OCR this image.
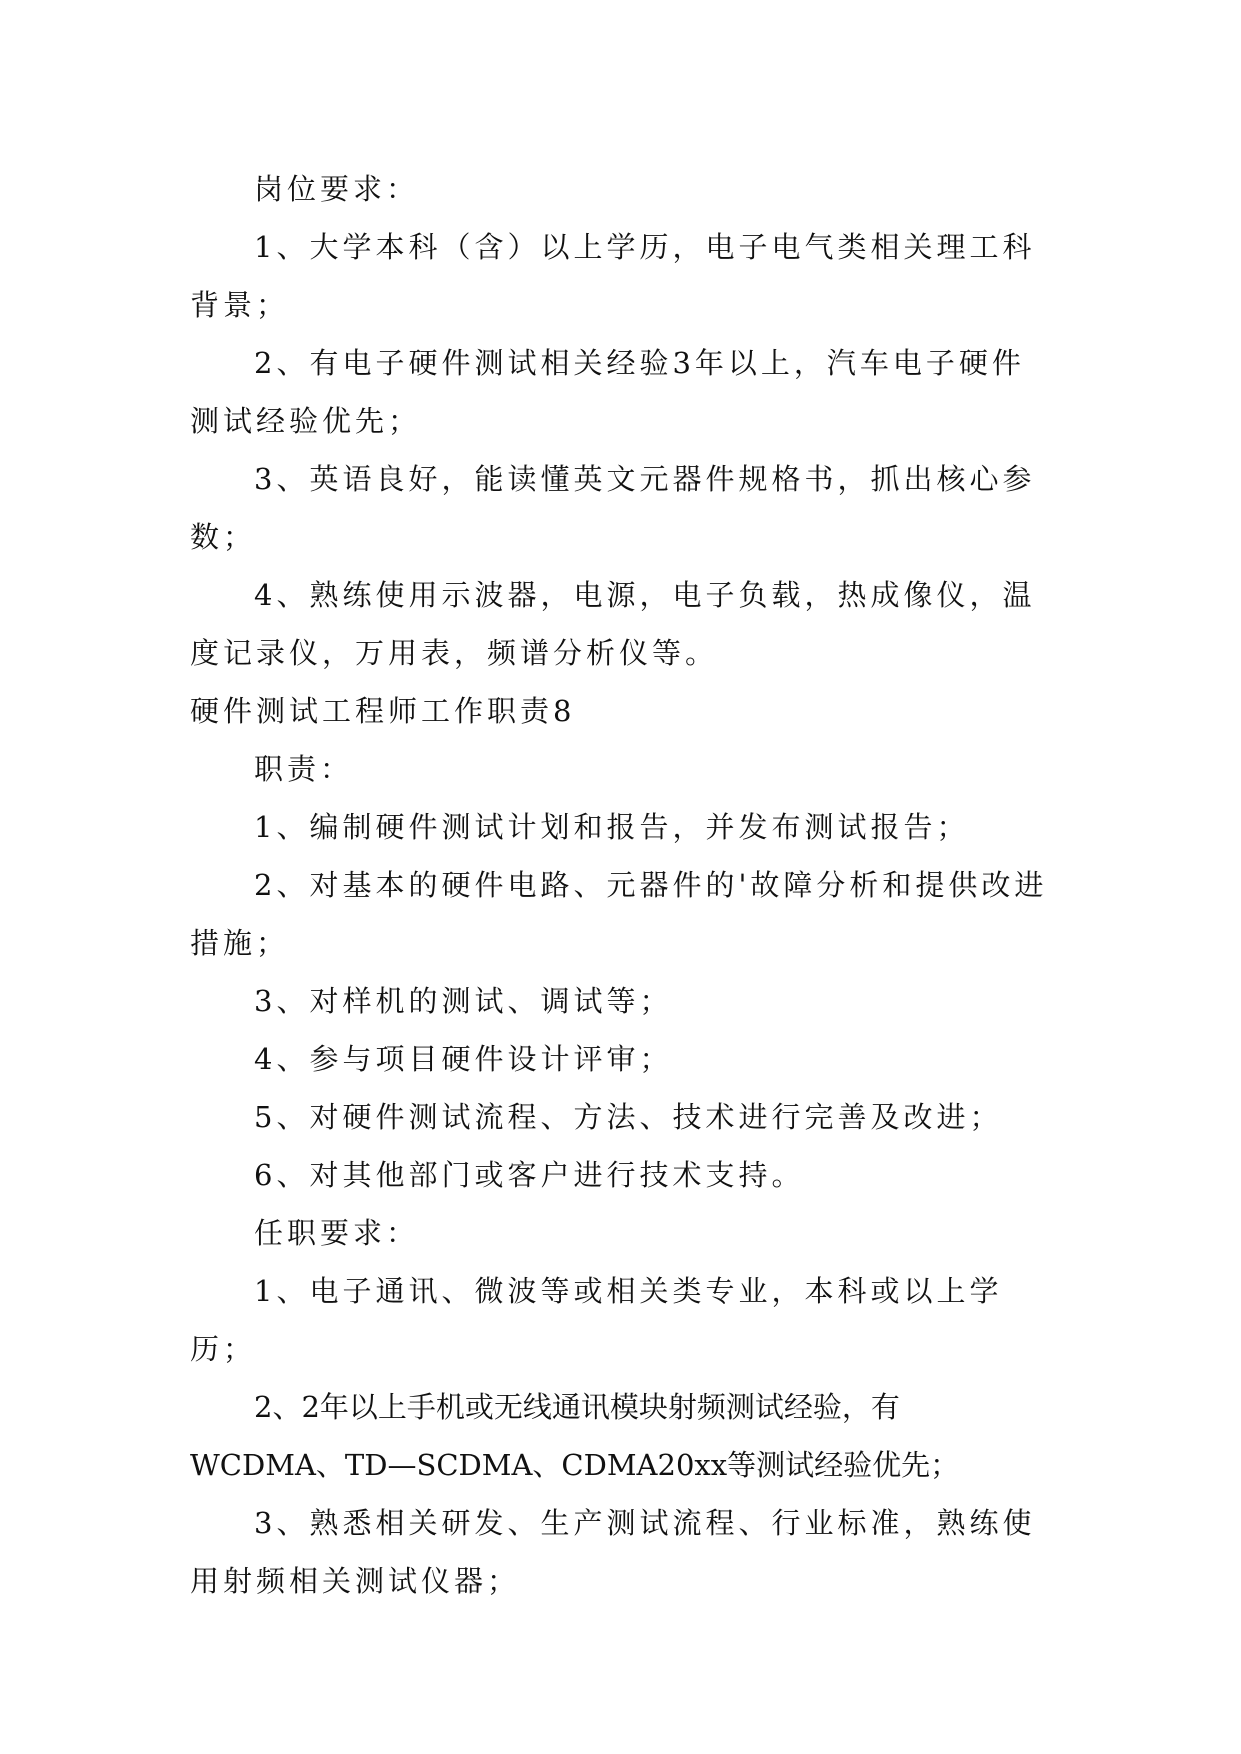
岗位要求：

1、大学本科（含）以上学历，电子电气类相关理工科背景；

2、有电子硬件测试相关经验3年以上，汽车电子硬件测试经验优先；

3、英语良好，能读懂英文元器件规格书，抓出核心参数；

4、熟练使用示波器，电源，电子负载，热成像仪，温度记录仪，万用表，频谱分析仪等。

硬件测试工程师工作职责8

职责：

1、编制硬件测试计划和报告，并发布测试报告；

2、对基本的硬件电路、元器件的'故障分析和提供改进措施；

3、对样机的测试、调试等；

4、参与项目硬件设计评审；

5、对硬件测试流程、方法、技术进行完善及改进；

6、对其他部门或客户进行技术支持。

任职要求：

1、电子通讯、微波等或相关类专业，本科或以上学历；

2、2年以上手机或无线通讯模块射频测试经验，有WCDMA、TD—SCDMA、CDMA20xx等测试经验优先；

3、熟悉相关研发、生产测试流程、行业标准，熟练使用射频相关测试仪器；
